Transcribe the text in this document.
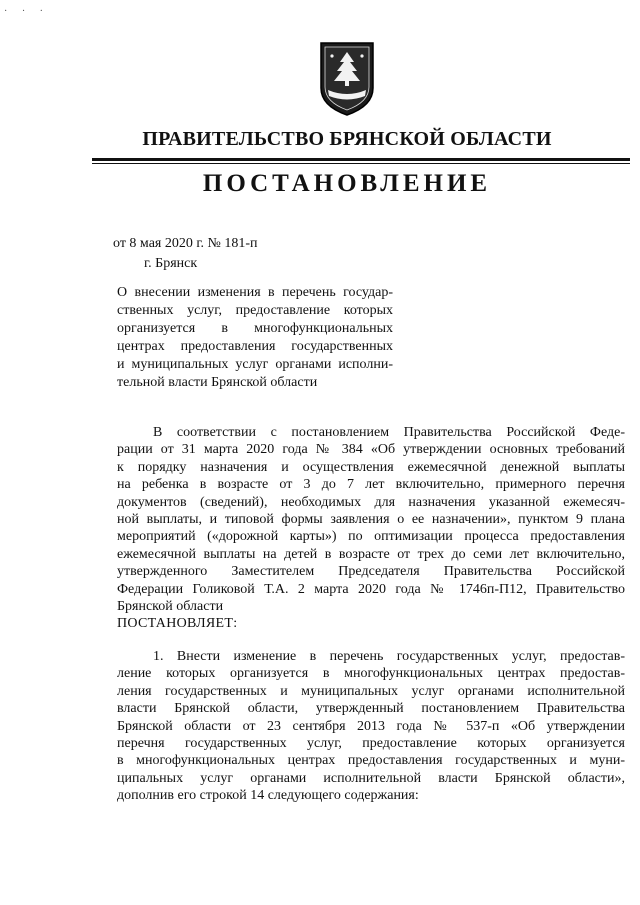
· · ·
ПРАВИТЕЛЬСТВО БРЯНСКОЙ ОБЛАСТИ
ПОСТАНОВЛЕНИЕ
от 8 мая 2020 г. № 181-п
г. Брянск
О внесении изменения в перечень государ-
ственных услуг, предоставление которых
организуется в многофункциональных
центрах предоставления государственных
и муниципальных услуг органами исполни-
тельной власти Брянской области
В соответствии с постановлением Правительства Российской Феде-
рации от 31 марта 2020 года № 384 «Об утверждении основных требований
к порядку назначения и осуществления ежемесячной денежной выплаты
на ребенка в возрасте от 3 до 7 лет включительно, примерного перечня
документов (сведений), необходимых для назначения указанной ежемесяч-
ной выплаты, и типовой формы заявления о ее назначении», пунктом 9 плана
мероприятий («дорожной карты») по оптимизации процесса предоставления
ежемесячной выплаты на детей в возрасте от трех до семи лет включительно,
утвержденного Заместителем Председателя Правительства Российской
Федерации Голиковой Т.А. 2 марта 2020 года № 1746п-П12, Правительство
Брянской области
ПОСТАНОВЛЯЕТ:
1. Внести изменение в перечень государственных услуг, предостав-
ление которых организуется в многофункциональных центрах предостав-
ления государственных и муниципальных услуг органами исполнительной
власти Брянской области, утвержденный постановлением Правительства
Брянской области от 23 сентября 2013 года № 537-п «Об утверждении
перечня государственных услуг, предоставление которых организуется
в многофункциональных центрах предоставления государственных и муни-
ципальных услуг органами исполнительной власти Брянской области»,
дополнив его строкой 14 следующего содержания:
